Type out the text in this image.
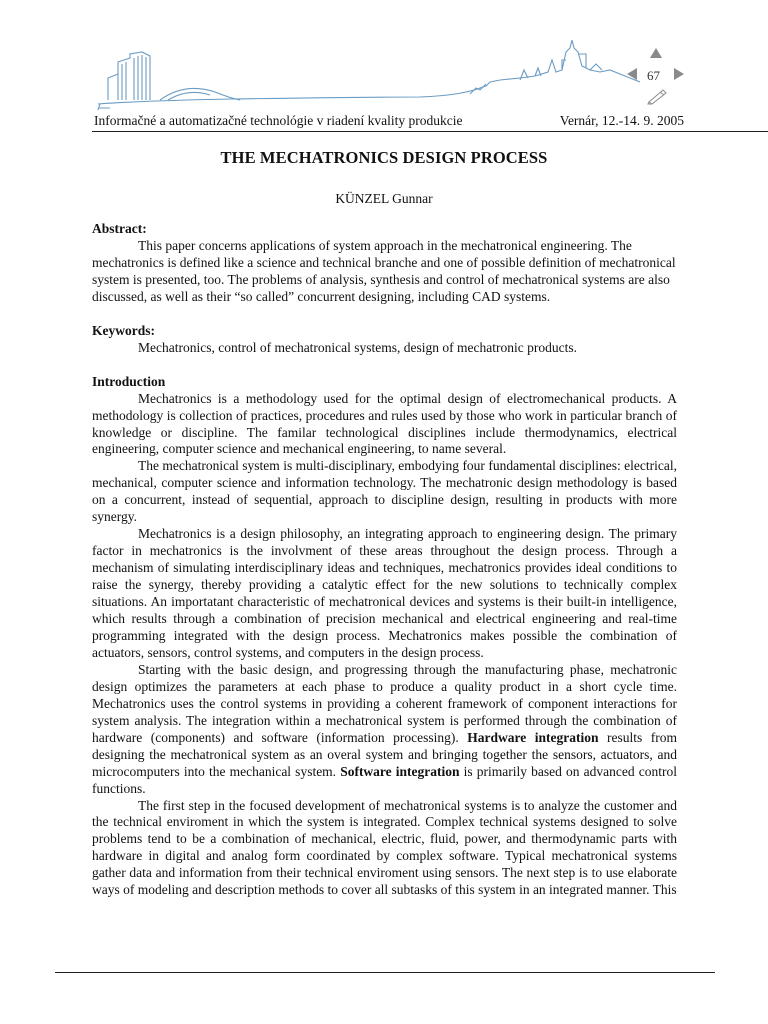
67
Informačné a automatizačné technológie v riadení kvality produkcie	Vernár, 12.-14. 9. 2005
THE MECHATRONICS DESIGN PROCESS
KÜNZEL Gunnar
Abstract:

This paper concerns applications of system approach in the mechatronical engineering. The mechatronics is defined like a science and technical branche and one of possible definition of mechatronical system is presented, too. The problems of analysis, synthesis and control of mechatronical systems are also discussed, as well as their “so called” concurrent designing, including CAD systems.

Keywords:

Mechatronics, control of mechatronical systems, design of mechatronic products.

Introduction

Mechatronics is a methodology used for the optimal design of electromechanical products. A methodology is collection of practices, procedures and rules used by those who work in particular branch of knowledge or discipline. The familar technological disciplines include thermodynamics, electrical engineering, computer science and mechanical engineering, to name several.

The mechatronical system is multi-disciplinary, embodying four fundamental disciplines: electrical, mechanical, computer science and information technology. The mechatronic design methodology is based on a concurrent, instead of sequential, approach to discipline design, resulting in products with more synergy.

Mechatronics is a design philosophy, an integrating approach to engineering design. The primary factor in mechatronics is the involvment of these areas throughout the design process. Through a mechanism of simulating interdisciplinary ideas and techniques, mechatronics provides ideal conditions to raise the synergy, thereby providing a catalytic effect for the new solutions to technically complex situations. An importatant characteristic of mechatronical devices and systems is their built-in intelligence, which results through a combination of precision mechanical and electrical engineering and real-time programming integrated with the design process. Mechatronics makes possible the combination of actuators, sensors, control systems, and computers in the design process.

Starting with the basic design, and progressing through the manufacturing phase, mechatronic design optimizes the parameters at each phase to produce a quality product in a short cycle time. Mechatronics uses the control systems in providing a coherent framework of component interactions for system analysis. The integration within a mechatronical system is performed through the combination of hardware (components) and software (information processing). Hardware integration results from designing the mechatronical system as an overal system and bringing together the sensors, actuators, and microcomputers into the mechanical system. Software integration is primarily based on advanced control functions.

The first step in the focused development of mechatronical systems is to analyze the customer and the technical enviroment in which the system is integrated. Complex technical systems designed to solve problems tend to be a combination of mechanical, electric, fluid, power, and thermodynamic parts with hardware in digital and analog form coordinated by complex software. Typical mechatronical systems gather data and information from their technical enviroment using sensors. The next step is to use elaborate ways of modeling and description methods to cover all subtasks of this system in an integrated manner. This
